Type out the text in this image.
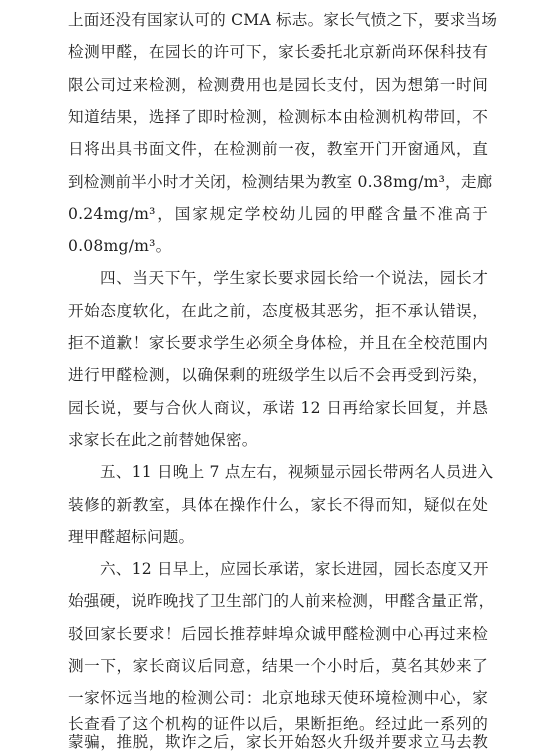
上面还没有国家认可的 CMA 标志。家长气愤之下，要求当场
检测甲醛，在园长的许可下，家长委托北京新尚环保科技有
限公司过来检测，检测费用也是园长支付，因为想第一时间
知道结果，选择了即时检测，检测标本由检测机构带回，不
日将出具书面文件，在检测前一夜，教室开门开窗通风，直
到检测前半小时才关闭，检测结果为教室 0.38mg/m³，走廊
0.24mg/m³，国家规定学校幼儿园的甲醛含量不准高于
0.08mg/m³。
四、当天下午，学生家长要求园长给一个说法，园长才
开始态度软化，在此之前，态度极其恶劣，拒不承认错误，
拒不道歉！家长要求学生必须全身体检，并且在全校范围内
进行甲醛检测，以确保剩的班级学生以后不会再受到污染，
园长说，要与合伙人商议，承诺 12 日再给家长回复，并恳
求家长在此之前替她保密。
五、11 日晚上 7 点左右，视频显示园长带两名人员进入
装修的新教室，具体在操作什么，家长不得而知，疑似在处
理甲醛超标问题。
六、12 日早上，应园长承诺，家长进园，园长态度又开
始强硬，说昨晚找了卫生部门的人前来检测，甲醛含量正常，
驳回家长要求！后园长推荐蚌埠众诚甲醛检测中心再过来检
测一下，家长商议后同意，结果一个小时后，莫名其妙来了
一家怀远当地的检测公司：北京地球天使环境检测中心，家
长查看了这个机构的证件以后，果断拒绝。经过此一系列的
蒙骗，推脱，欺诈之后，家长开始怒火升级并要求立马去教
